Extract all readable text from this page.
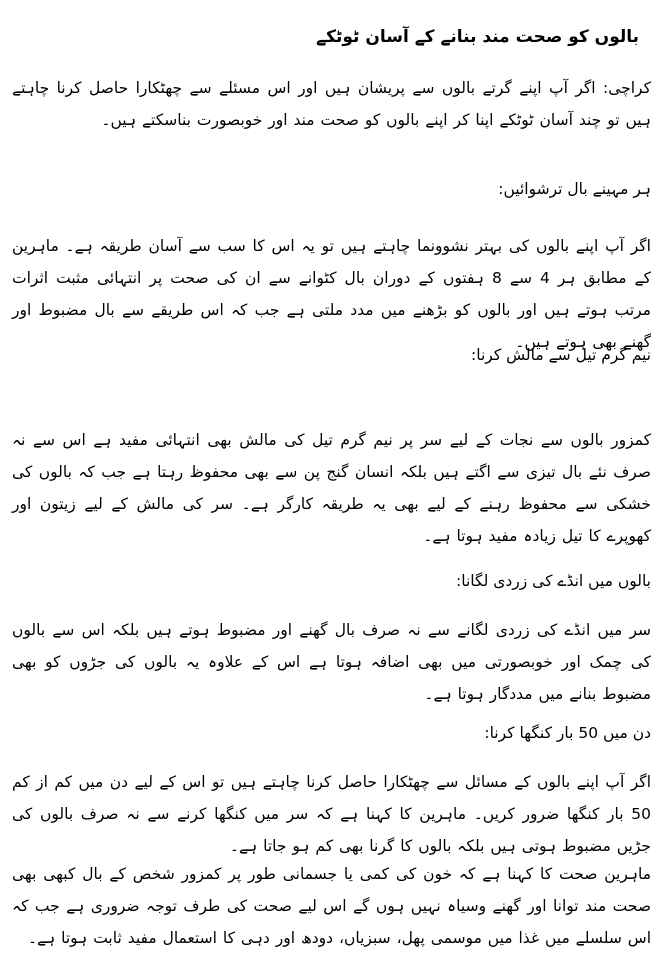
بالوں کو صحت مند بنانے کے آسان ٹوٹکے
کراچی: اگر آپ اپنے گرتے بالوں سے پریشان ہیں اور اس مسئلے سے چھٹکارا حاصل کرنا چاہتے ہیں تو چند آسان ٹوٹکے اپنا کر اپنے بالوں کو صحت مند اور خوبصورت بناسکتے ہیں۔
ہر مہینے بال ترشوائیں:
اگر آپ اپنے بالوں کی بہتر نشوونما چاہتے ہیں تو یہ اس کا سب سے آسان طریقہ ہے۔ ماہرین کے مطابق ہر 4 سے 8 ہفتوں کے دوران بال کٹوانے سے ان کی صحت پر انتہائی مثبت اثرات مرتب ہوتے ہیں اور بالوں کو بڑھنے میں مدد ملتی ہے جب کہ اس طریقے سے بال مضبوط اور گھنے بھی ہوتے ہیں۔
نیم گرم تیل سے مالش کرنا:
کمزور بالوں سے نجات کے لیے سر پر نیم گرم تیل کی مالش بھی انتہائی مفید ہے اس سے نہ صرف نئے بال تیزی سے اگتے ہیں بلکہ انسان گنج پن سے بھی محفوظ رہتا ہے جب کہ بالوں کی خشکی سے محفوظ رہنے کے لیے بھی یہ طریقہ کارگر ہے۔ سر کی مالش کے لیے زیتون اور کھوپرے کا تیل زیادہ مفید ہوتا ہے۔
بالوں میں انڈے کی زردی لگانا:
سر میں انڈے کی زردی لگانے سے نہ صرف بال گھنے اور مضبوط ہوتے ہیں بلکہ اس سے بالوں کی چمک اور خوبصورتی میں بھی اضافہ ہوتا ہے اس کے علاوہ یہ بالوں کی جڑوں کو بھی مضبوط بنانے میں مددگار ہوتا ہے۔
دن میں 50 بار کنگھا کرنا:
اگر آپ اپنے بالوں کے مسائل سے چھٹکارا حاصل کرنا چاہتے ہیں تو اس کے لیے دن میں کم از کم 50 بار کنگھا ضرور کریں۔ ماہرین کا کہنا ہے کہ سر میں کنگھا کرنے سے نہ صرف بالوں کی جڑیں مضبوط ہوتی ہیں بلکہ بالوں کا گرنا بھی کم ہو جاتا ہے۔
ماہرین صحت کا کہنا ہے کہ خون کی کمی یا جسمانی طور پر کمزور شخص کے بال کبھی بھی صحت مند توانا اور گھنے وسیاہ نہیں ہوں گے اس لیے صحت کی طرف توجہ ضروری ہے جب کہ اس سلسلے میں غذا میں موسمی پھل، سبزیاں، دودھ اور دہی کا استعمال مفید ثابت ہوتا ہے۔
